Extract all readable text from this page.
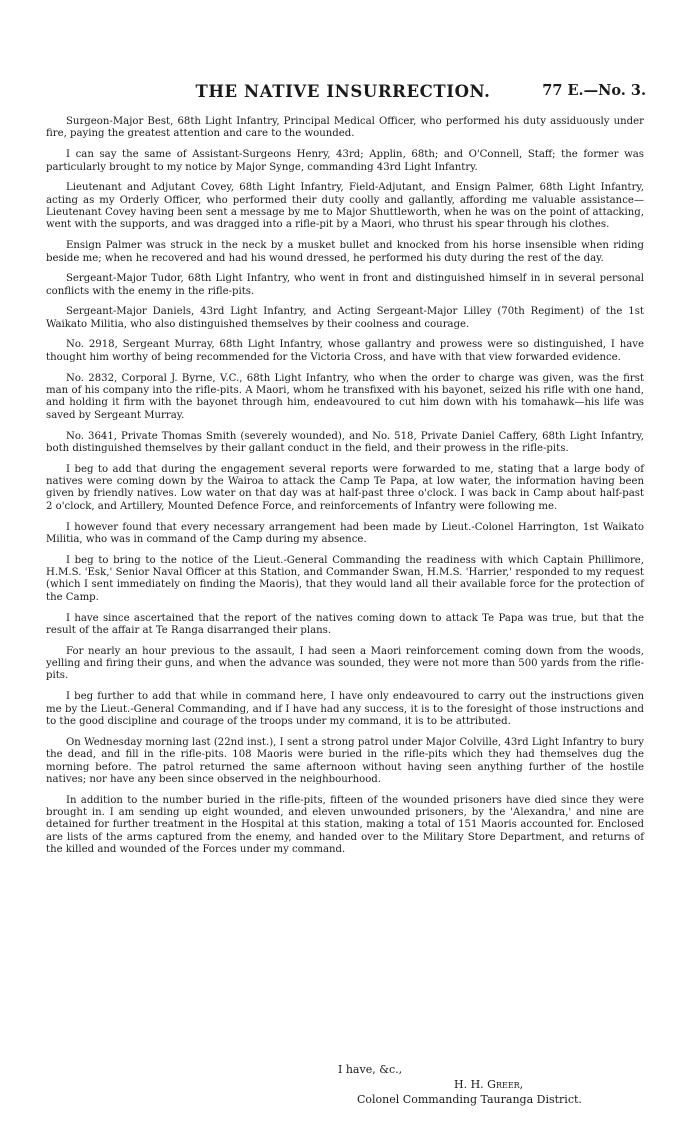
THE NATIVE INSURRECTION.	77 E.—No. 3.

Surgeon-Major Best, 68th Light Infantry, Principal Medical Officer, who performed his duty assiduously under fire, paying the greatest attention and care to the wounded.

I can say the same of Assistant-Surgeons Henry, 43rd; Applin, 68th; and O'Connell, Staff; the former was particularly brought to my notice by Major Synge, commanding 43rd Light Infantry.

Lieutenant and Adjutant Covey, 68th Light Infantry, Field-Adjutant, and Ensign Palmer, 68th Light Infantry, acting as my Orderly Officer, who performed their duty coolly and gallantly, affording me valuable assistance—Lieutenant Covey having been sent a message by me to Major Shuttleworth, when he was on the point of attacking, went with the supports, and was dragged into a rifle-pit by a Maori, who thrust his spear through his clothes.

Ensign Palmer was struck in the neck by a musket bullet and knocked from his horse insensible when riding beside me; when he recovered and had his wound dressed, he performed his duty during the rest of the day.

Sergeant-Major Tudor, 68th Light Infantry, who went in front and distinguished himself in in several personal conflicts with the enemy in the rifle-pits.

Sergeant-Major Daniels, 43rd Light Infantry, and Acting Sergeant-Major Lilley (70th Regiment) of the 1st Waikato Militia, who also distinguished themselves by their coolness and courage.

No. 2918, Sergeant Murray, 68th Light Infantry, whose gallantry and prowess were so distinguished, I have thought him worthy of being recommended for the Victoria Cross, and have with that view forwarded evidence.

No. 2832, Corporal J. Byrne, V.C., 68th Light Infantry, who when the order to charge was given, was the first man of his company into the rifle-pits. A Maori, whom he transfixed with his bayonet, seized his rifle with one hand, and holding it firm with the bayonet through him, endeavoured to cut him down with his tomahawk—his life was saved by Sergeant Murray.

No. 3641, Private Thomas Smith (severely wounded), and No. 518, Private Daniel Caffery, 68th Light Infantry, both distinguished themselves by their gallant conduct in the field, and their prowess in the rifle-pits.

I beg to add that during the engagement several reports were forwarded to me, stating that a large body of natives were coming down by the Wairoa to attack the Camp Te Papa, at low water, the information having been given by friendly natives. Low water on that day was at half-past three o'clock. I was back in Camp about half-past 2 o'clock, and Artillery, Mounted Defence Force, and reinforcements of Infantry were following me.

I however found that every necessary arrangement had been made by Lieut.-Colonel Harrington, 1st Waikato Militia, who was in command of the Camp during my absence.

I beg to bring to the notice of the Lieut.-General Commanding the readiness with which Captain Phillimore, H.M.S. 'Esk,' Senior Naval Officer at this Station, and Commander Swan, H.M.S. 'Harrier,' responded to my request (which I sent immediately on finding the Maoris), that they would land all their available force for the protection of the Camp.

I have since ascertained that the report of the natives coming down to attack Te Papa was true, but that the result of the affair at Te Ranga disarranged their plans.

For nearly an hour previous to the assault, I had seen a Maori reinforcement coming down from the woods, yelling and firing their guns, and when the advance was sounded, they were not more than 500 yards from the rifle-pits.

I beg further to add that while in command here, I have only endeavoured to carry out the instructions given me by the Lieut.-General Commanding, and if I have had any success, it is to the foresight of those instructions and to the good discipline and courage of the troops under my command, it is to be attributed.

On Wednesday morning last (22nd inst.), I sent a strong patrol under Major Colville, 43rd Light Infantry to bury the dead, and fill in the rifle-pits. 108 Maoris were buried in the rifle-pits which they had themselves dug the morning before. The patrol returned the same afternoon without having seen anything further of the hostile natives; nor have any been since observed in the neighbourhood.

In addition to the number buried in the rifle-pits, fifteen of the wounded prisoners have died since they were brought in. I am sending up eight wounded, and eleven unwounded prisoners, by the 'Alexandra,' and nine are detained for further treatment in the Hospital at this station, making a total of 151 Maoris accounted for. Enclosed are lists of the arms captured from the enemy, and handed over to the Military Store Department, and returns of the killed and wounded of the Forces under my command.

I have, &c.,
H. H. Greer,
Colonel Commanding Tauranga District.
